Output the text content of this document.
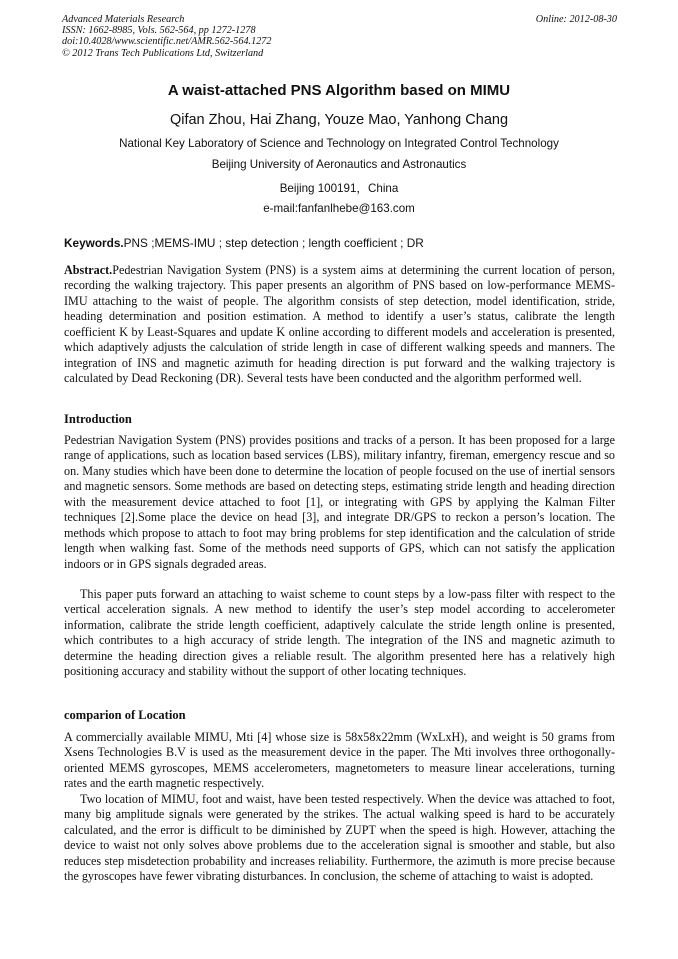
Advanced Materials Research
ISSN: 1662-8985, Vols. 562-564, pp 1272-1278
doi:10.4028/www.scientific.net/AMR.562-564.1272
© 2012 Trans Tech Publications Ltd, Switzerland
Online: 2012-08-30
A waist-attached PNS Algorithm based on MIMU
Qifan Zhou, Hai Zhang, Youze Mao, Yanhong Chang
National Key Laboratory of Science and Technology on Integrated Control Technology
Beijing University of Aeronautics and Astronautics
Beijing 100191，China
e-mail:fanfanlhebe@163.com
Keywords.PNS ;MEMS-IMU ; step detection ; length coefficient ; DR

Abstract.Pedestrian Navigation System (PNS) is a system aims at determining the current location of person, recording the walking trajectory. This paper presents an algorithm of PNS based on low-performance MEMS-IMU attaching to the waist of people. The algorithm consists of step detection, model identification, stride, heading determination and position estimation. A method to identify a user’s status, calibrate the length coefficient K by Least-Squares and update K online according to different models and acceleration is presented, which adaptively adjusts the calculation of stride length in case of different walking speeds and manners. The integration of INS and magnetic azimuth for heading direction is put forward and the walking trajectory is calculated by Dead Reckoning (DR). Several tests have been conducted and the algorithm performed well.

Introduction

Pedestrian Navigation System (PNS) provides positions and tracks of a person. It has been proposed for a large range of applications, such as location based services (LBS), military infantry, fireman, emergency rescue and so on. Many studies which have been done to determine the location of people focused on the use of inertial sensors and magnetic sensors. Some methods are based on detecting steps, estimating stride length and heading direction with the measurement device attached to foot [1], or integrating with GPS by applying the Kalman Filter techniques [2].Some place the device on head [3], and integrate DR/GPS to reckon a person’s location. The methods which propose to attach to foot may bring problems for step identification and the calculation of stride length when walking fast. Some of the methods need supports of GPS, which can not satisfy the application indoors or in GPS signals degraded areas.

This paper puts forward an attaching to waist scheme to count steps by a low-pass filter with respect to the vertical acceleration signals. A new method to identify the user’s step model according to accelerometer information, calibrate the stride length coefficient, adaptively calculate the stride length online is presented, which contributes to a high accuracy of stride length. The integration of the INS and magnetic azimuth to determine the heading direction gives a reliable result. The algorithm presented here has a relatively high positioning accuracy and stability without the support of other locating techniques.

comparion of Location

A commercially available MIMU, Mti [4] whose size is 58x58x22mm (WxLxH), and weight is 50 grams from Xsens Technologies B.V is used as the measurement device in the paper. The Mti involves three orthogonally-oriented MEMS gyroscopes, MEMS accelerometers, magnetometers to measure linear accelerations, turning rates and the earth magnetic respectively.

Two location of MIMU, foot and waist, have been tested respectively. When the device was attached to foot, many big amplitude signals were generated by the strikes. The actual walking speed is hard to be accurately calculated, and the error is difficult to be diminished by ZUPT when the speed is high. However, attaching the device to waist not only solves above problems due to the acceleration signal is smoother and stable, but also reduces step misdetection probability and increases reliability. Furthermore, the azimuth is more precise because the gyroscopes have fewer vibrating disturbances. In conclusion, the scheme of attaching to waist is adopted.
